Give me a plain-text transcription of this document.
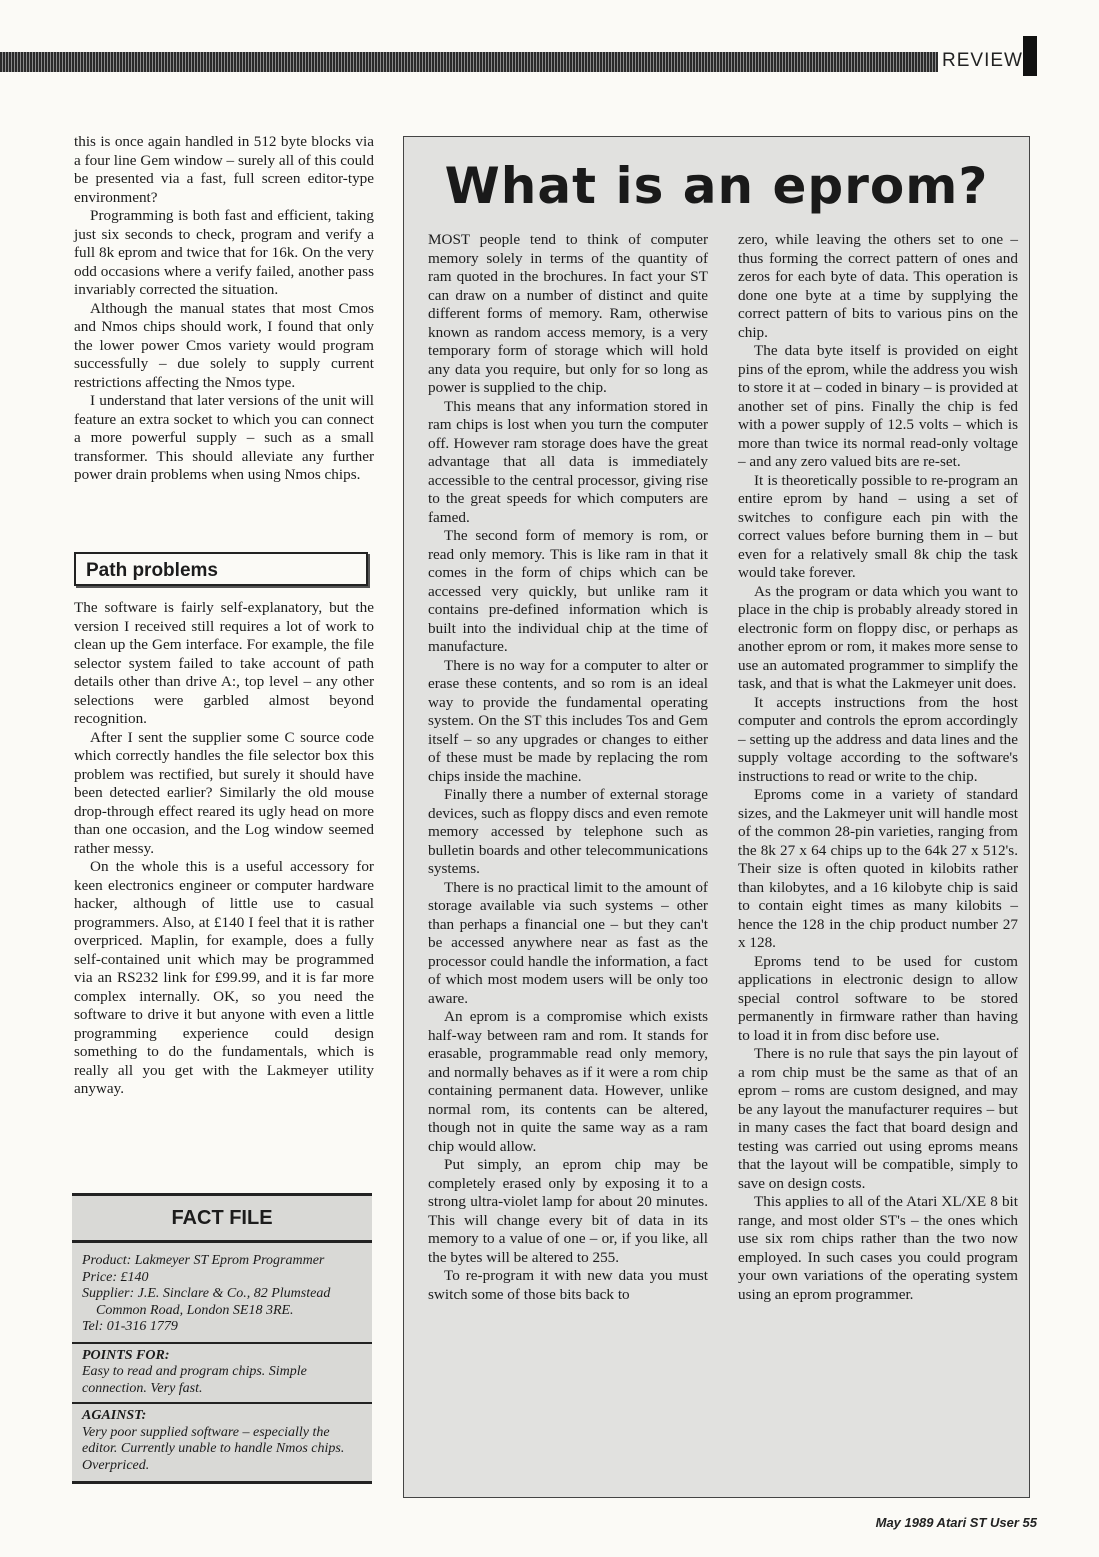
REVIEW

this is once again handled in 512 byte blocks via a four line Gem window – surely all of this could be presented via a fast, full screen editor-type environment?

Programming is both fast and efficient, taking just six seconds to check, program and verify a full 8k eprom and twice that for 16k. On the very odd occasions where a verify failed, another pass invariably corrected the situation.

Although the manual states that most Cmos and Nmos chips should work, I found that only the lower power Cmos variety would program successfully – due solely to supply current restrictions affecting the Nmos type.

I understand that later versions of the unit will feature an extra socket to which you can connect a more powerful supply – such as a small transformer. This should alleviate any further power drain problems when using Nmos chips.

Path problems

The software is fairly self-explanatory, but the version I received still requires a lot of work to clean up the Gem interface. For example, the file selector system failed to take account of path details other than drive A:, top level – any other selections were garbled almost beyond recognition.

After I sent the supplier some C source code which correctly handles the file selector box this problem was rectified, but surely it should have been detected earlier? Similarly the old mouse drop-through effect reared its ugly head on more than one occasion, and the Log window seemed rather messy.

On the whole this is a useful accessory for keen electronics engineer or computer hardware hacker, although of little use to casual programmers. Also, at £140 I feel that it is rather overpriced. Maplin, for example, does a fully self-contained unit which may be programmed via an RS232 link for £99.99, and it is far more complex internally. OK, so you need the software to drive it but anyone with even a little programming experience could design something to do the fundamentals, which is really all you get with the Lakmeyer utility anyway.

FACT FILE
Product: Lakmeyer ST Eprom Programmer
Price: £140
Supplier: J.E. Sinclare & Co., 82 Plumstead
Common Road, London SE18 3RE.
Tel: 01-316 1779
POINTS FOR:
Easy to read and program chips. Simple connection. Very fast.
AGAINST:
Very poor supplied software – especially the editor. Currently unable to handle Nmos chips. Overpriced.
What is an eprom?

MOST people tend to think of computer memory solely in terms of the quantity of ram quoted in the brochures. In fact your ST can draw on a number of distinct and quite different forms of memory. Ram, otherwise known as random access memory, is a very temporary form of storage which will hold any data you require, but only for so long as power is supplied to the chip.

This means that any information stored in ram chips is lost when you turn the computer off. However ram storage does have the great advantage that all data is immediately accessible to the central processor, giving rise to the great speeds for which computers are famed.

The second form of memory is rom, or read only memory. This is like ram in that it comes in the form of chips which can be accessed very quickly, but unlike ram it contains pre-defined information which is built into the individual chip at the time of manufacture.

There is no way for a computer to alter or erase these contents, and so rom is an ideal way to provide the fundamental operating system. On the ST this includes Tos and Gem itself – so any upgrades or changes to either of these must be made by replacing the rom chips inside the machine.

Finally there a number of external storage devices, such as floppy discs and even remote memory accessed by telephone such as bulletin boards and other telecommunications systems.

There is no practical limit to the amount of storage available via such systems – other than perhaps a financial one – but they can't be accessed anywhere near as fast as the processor could handle the information, a fact of which most modem users will be only too aware.

An eprom is a compromise which exists half-way between ram and rom. It stands for erasable, programmable read only memory, and normally behaves as if it were a rom chip containing permanent data. However, unlike normal rom, its contents can be altered, though not in quite the same way as a ram chip would allow.

Put simply, an eprom chip may be completely erased only by exposing it to a strong ultra-violet lamp for about 20 minutes. This will change every bit of data in its memory to a value of one – or, if you like, all the bytes will be altered to 255.

To re-program it with new data you must switch some of those bits back to

zero, while leaving the others set to one – thus forming the correct pattern of ones and zeros for each byte of data. This operation is done one byte at a time by supplying the correct pattern of bits to various pins on the chip.

The data byte itself is provided on eight pins of the eprom, while the address you wish to store it at – coded in binary – is provided at another set of pins. Finally the chip is fed with a power supply of 12.5 volts – which is more than twice its normal read-only voltage – and any zero valued bits are re-set.

It is theoretically possible to re-program an entire eprom by hand – using a set of switches to configure each pin with the correct values before burning them in – but even for a relatively small 8k chip the task would take forever.

As the program or data which you want to place in the chip is probably already stored in electronic form on floppy disc, or perhaps as another eprom or rom, it makes more sense to use an automated programmer to simplify the task, and that is what the Lakmeyer unit does.

It accepts instructions from the host computer and controls the eprom accordingly – setting up the address and data lines and the supply voltage according to the software's instructions to read or write to the chip.

Eproms come in a variety of standard sizes, and the Lakmeyer unit will handle most of the common 28-pin varieties, ranging from the 8k 27 x 64 chips up to the 64k 27 x 512's. Their size is often quoted in kilobits rather than kilobytes, and a 16 kilobyte chip is said to contain eight times as many kilobits – hence the 128 in the chip product number 27 x 128.

Eproms tend to be used for custom applications in electronic design to allow special control software to be stored permanently in firmware rather than having to load it in from disc before use.

There is no rule that says the pin layout of a rom chip must be the same as that of an eprom – roms are custom designed, and may be any layout the manufacturer requires – but in many cases the fact that board design and testing was carried out using eproms means that the layout will be compatible, simply to save on design costs.

This applies to all of the Atari XL/XE 8 bit range, and most older ST's – the ones which use six rom chips rather than the two now employed. In such cases you could program your own variations of the operating system using an eprom programmer.

May 1989 Atari ST User 55
